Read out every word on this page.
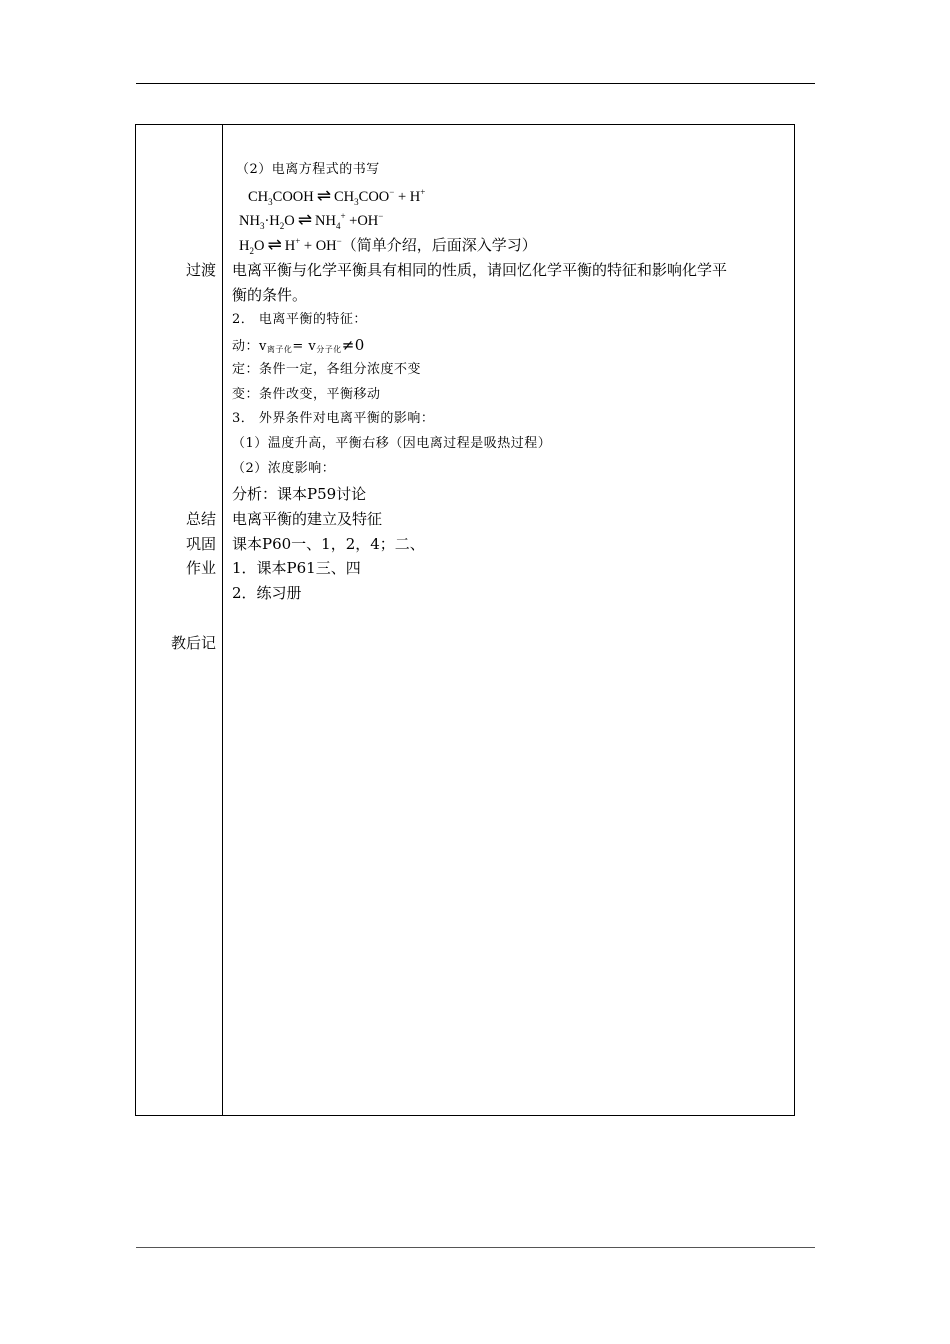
过渡
总结
巩固
作业
教后记
（2）电离方程式的书写
$CH_3COOH$ ⇌ $CH_3COO^- + H^+$
$NH_3\cdot H_2O$ ⇌ $NH_4^+ +OH^-$
$H_2O$ ⇌ H+ + OH−（简单介绍，后面深入学习）
电离平衡与化学平衡具有相同的性质，请回忆化学平衡的特征和影响化学平
衡的条件。
2． 电离平衡的特征：
动：v离子化= v分子化≠0
定：条件一定，各组分浓度不变
变：条件改变，平衡移动
3． 外界条件对电离平衡的影响：
（1）温度升高，平衡右移（因电离过程是吸热过程）
（2）浓度影响：
分析：课本P59讨论
电离平衡的建立及特征
课本P60一、1，2，4；二、
1．课本P61三、四
2．练习册
